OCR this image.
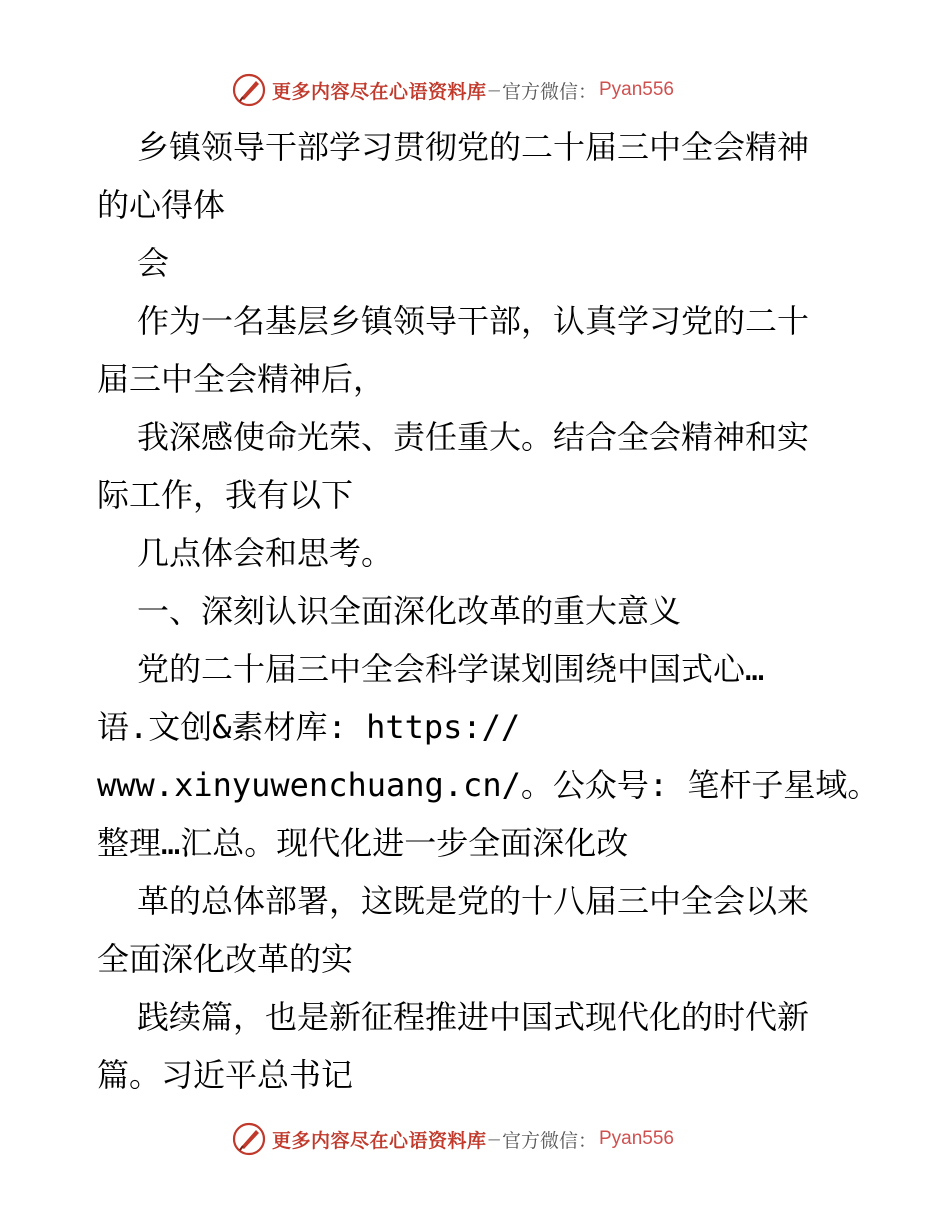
更多内容尽在心语资料库 — 官方微信： Pyan556
乡镇领导干部学习贯彻党的二十届三中全会精神
的心得体
会
作为一名基层乡镇领导干部，认真学习党的二十
届三中全会精神后，
我深感使命光荣、责任重大。结合全会精神和实
际工作，我有以下
几点体会和思考。
一、深刻认识全面深化改革的重大意义
党的二十届三中全会科学谋划围绕中国式心…
语.文创&素材库: https://
www.xinyuwenchuang.cn/。公众号: 笔杆子星域。
整理…汇总。现代化进一步全面深化改
革的总体部署，这既是党的十八届三中全会以来
全面深化改革的实
践续篇，也是新征程推进中国式现代化的时代新
篇。习近平总书记
更多内容尽在心语资料库 — 官方微信： Pyan556
